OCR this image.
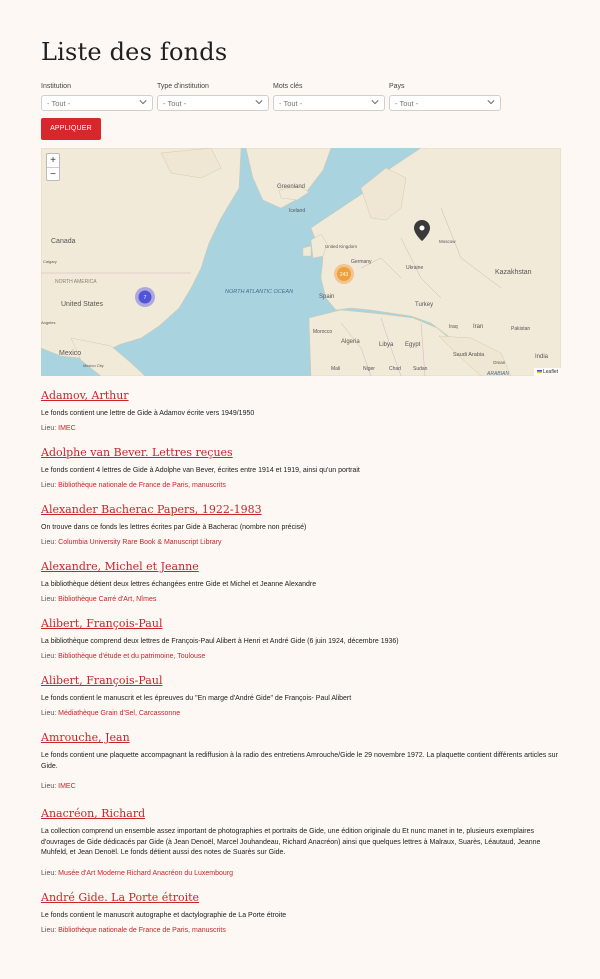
Liste des fonds
Institution
- Tout -
Type d'institution
- Tout -
Mots clés
- Tout -
Pays
- Tout -
APPLIQUER
Greenland
Iceland
Canada
Calgary
NORTH AMERICA
United States
Angeles
Mexico
Mexico City
NORTH ATLANTIC OCEAN
United Kingdom
Germany
Moscow
Ukraine
Kazakhstan
Spain
Turkey
Iran
Iraq
Morocco
Algeria	Libya Egypt
Saudi Arabia
Mali	Niger	Chad Sudan
Pakistan
India
ARABIAN
Oman
243
7
+
−
Leaflet
Adamov, Arthur
Le fonds contient une lettre de Gide à Adamov écrite vers 1949/1950
Lieu: IMEC
Adolphe van Bever. Lettres reçues
Le fonds contient 4 lettres de Gide à Adolphe van Bever, écrites entre 1914 et 1919, ainsi qu'un portrait
Lieu: Bibliothèque nationale de France de Paris, manuscrits
Alexander Bacherac Papers, 1922-1983
On trouve dans ce fonds les lettres écrites par Gide à Bacherac (nombre non précisé)
Lieu: Columbia University Rare Book & Manuscript Library
Alexandre, Michel et Jeanne
La bibliothèque détient deux lettres échangées entre Gide et Michel et Jeanne Alexandre
Lieu: Bibliothèque Carré d'Art, Nîmes
Alibert, François-Paul
La bibliothèque comprend deux lettres de François-Paul Alibert à Henri et André Gide (6 juin 1924, décembre 1936)
Lieu: Bibliothèque d'étude et du patrimoine, Toulouse
Alibert, François-Paul
Le fonds contient le manuscrit et les épreuves du "En marge d'André Gide" de François- Paul Alibert
Lieu: Médiathèque Grain d'Sel, Carcassonne
Amrouche, Jean
Le fonds contient une plaquette accompagnant la rediffusion à la radio des entretiens Amrouche/Gide le 29 novembre 1972. La plaquette contient différents articles sur Gide.
Lieu: IMEC
Anacréon, Richard
La collection comprend un ensemble assez important de photographies et portraits de Gide, une édition originale du Et nunc manet in te, plusieurs exemplaires d'ouvrages de Gide dédicacés par Gide (à Jean Denoël, Marcel Jouhandeau, Richard Anacréon) ainsi que quelques lettres à Malraux, Suarès, Léautaud, Jeanne Muhfeld, et Jean Denoël. Le fonds détient aussi des notes de Suarès sur Gide.
Lieu: Musée d'Art Moderne Richard Anacréon du Luxembourg
André Gide. La Porte étroite
Le fonds contient le manuscrit autographe et dactylographie de La Porte étroite
Lieu: Bibliothèque nationale de France de Paris, manuscrits
